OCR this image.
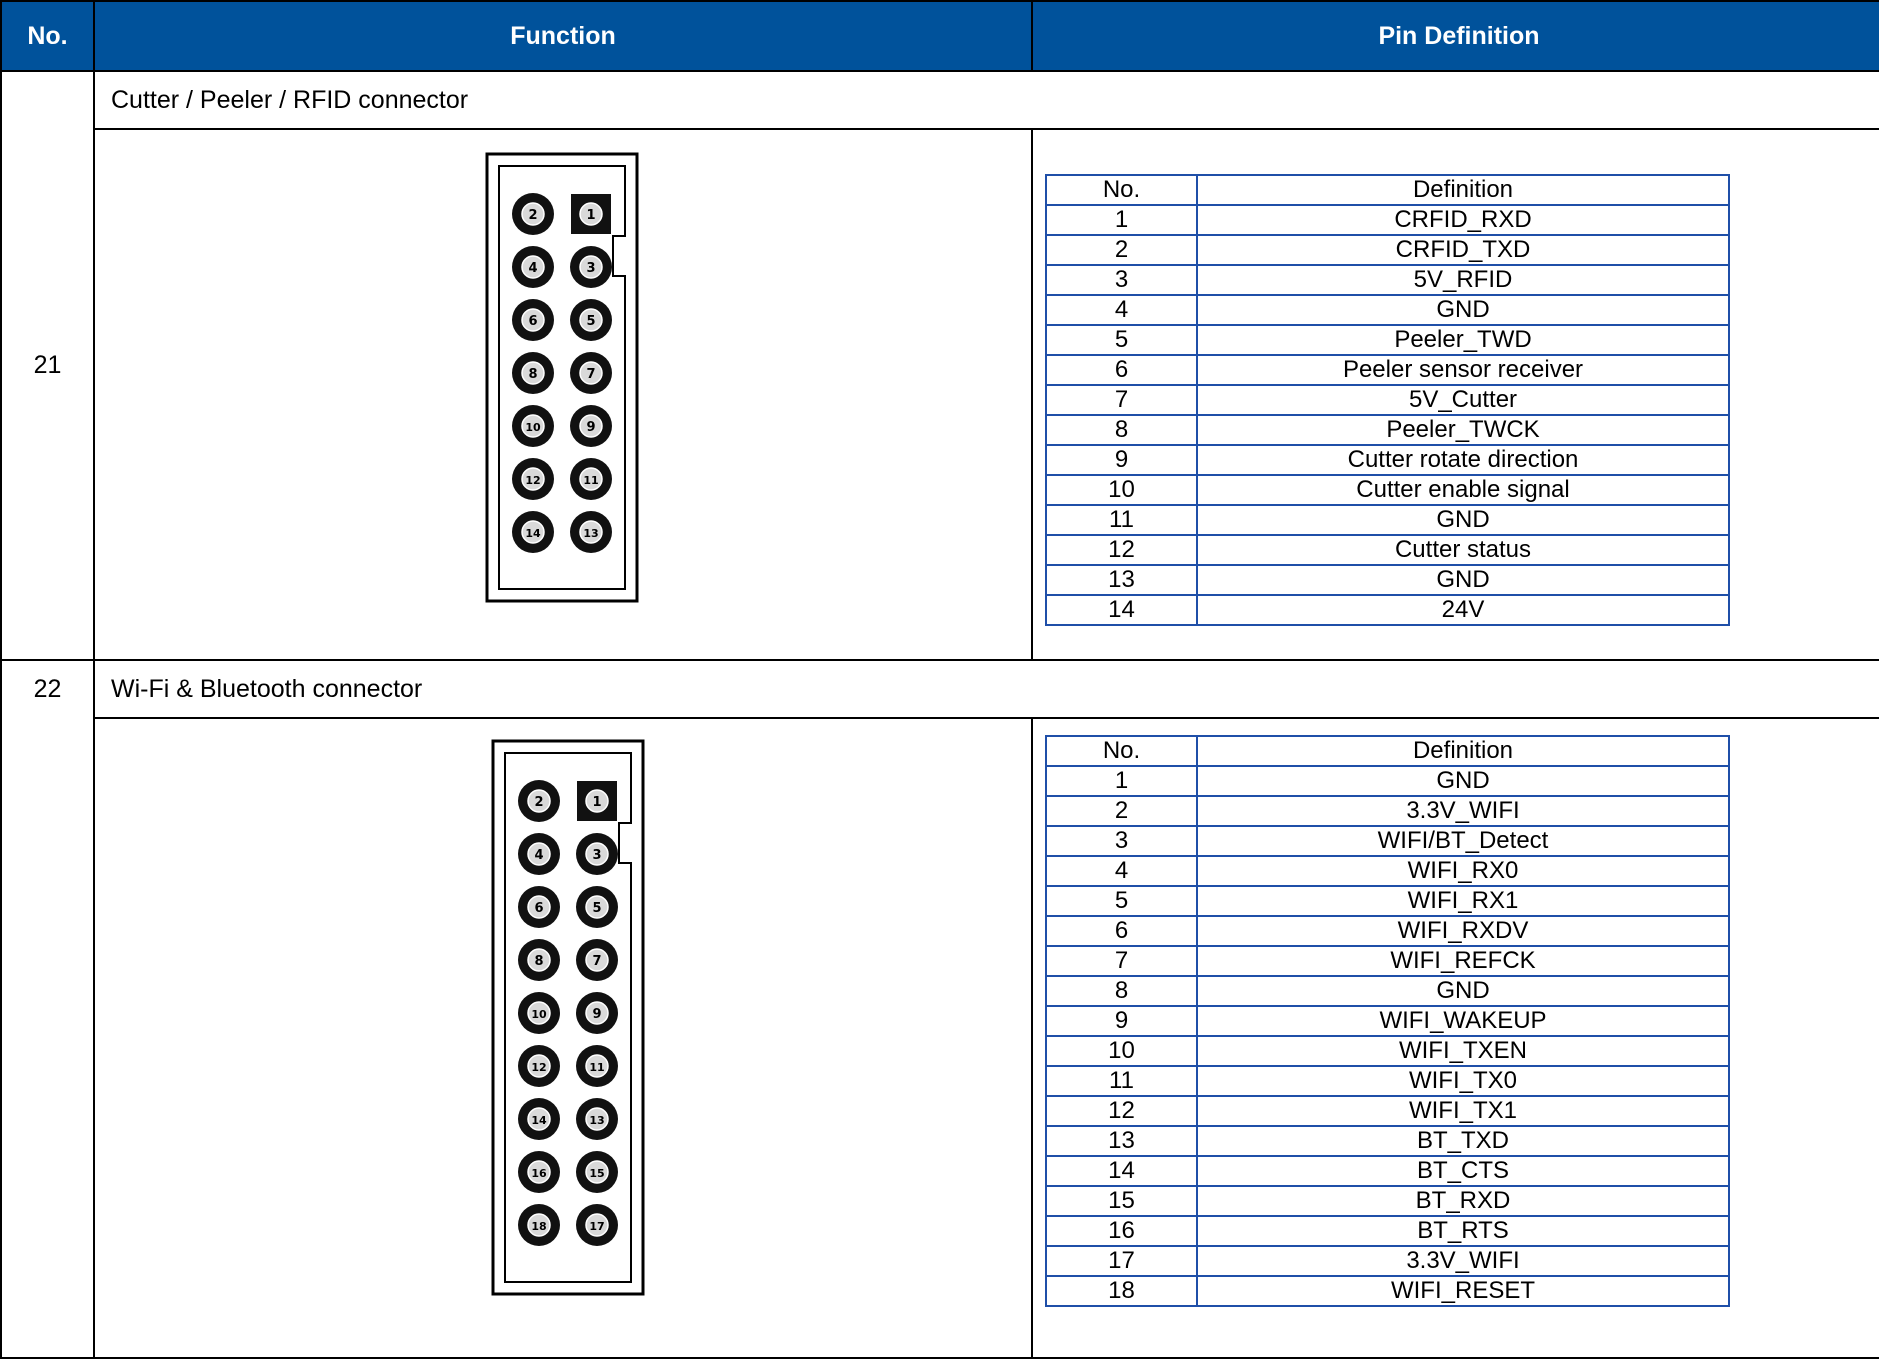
No.	Function	Pin Definition
21	Cutter / Peeler / RFID connector

2	1
4	3
6	5
8	7
10	9
12	11
14	13

No.	Definition
1	CRFID_RXD
2	CRFID_TXD
3	5V_RFID
4	GND
5	Peeler_TWD
6	Peeler sensor receiver
7	5V_Cutter
8	Peeler_TWCK
9	Cutter rotate direction
10	Cutter enable signal
11	GND
12	Cutter status
13	GND
14	24V

22	Wi-Fi & Bluetooth connector

2	1
4	3
6	5
8	7
10	9
12	11
14	13
16	15
18	17

No.	Definition
1	GND
2	3.3V_WIFI
3	WIFI/BT_Detect
4	WIFI_RX0
5	WIFI_RX1
6	WIFI_RXDV
7	WIFI_REFCK
8	GND
9	WIFI_WAKEUP
10	WIFI_TXEN
11	WIFI_TX0
12	WIFI_TX1
13	BT_TXD
14	BT_CTS
15	BT_RXD
16	BT_RTS
17	3.3V_WIFI
18	WIFI_RESET
